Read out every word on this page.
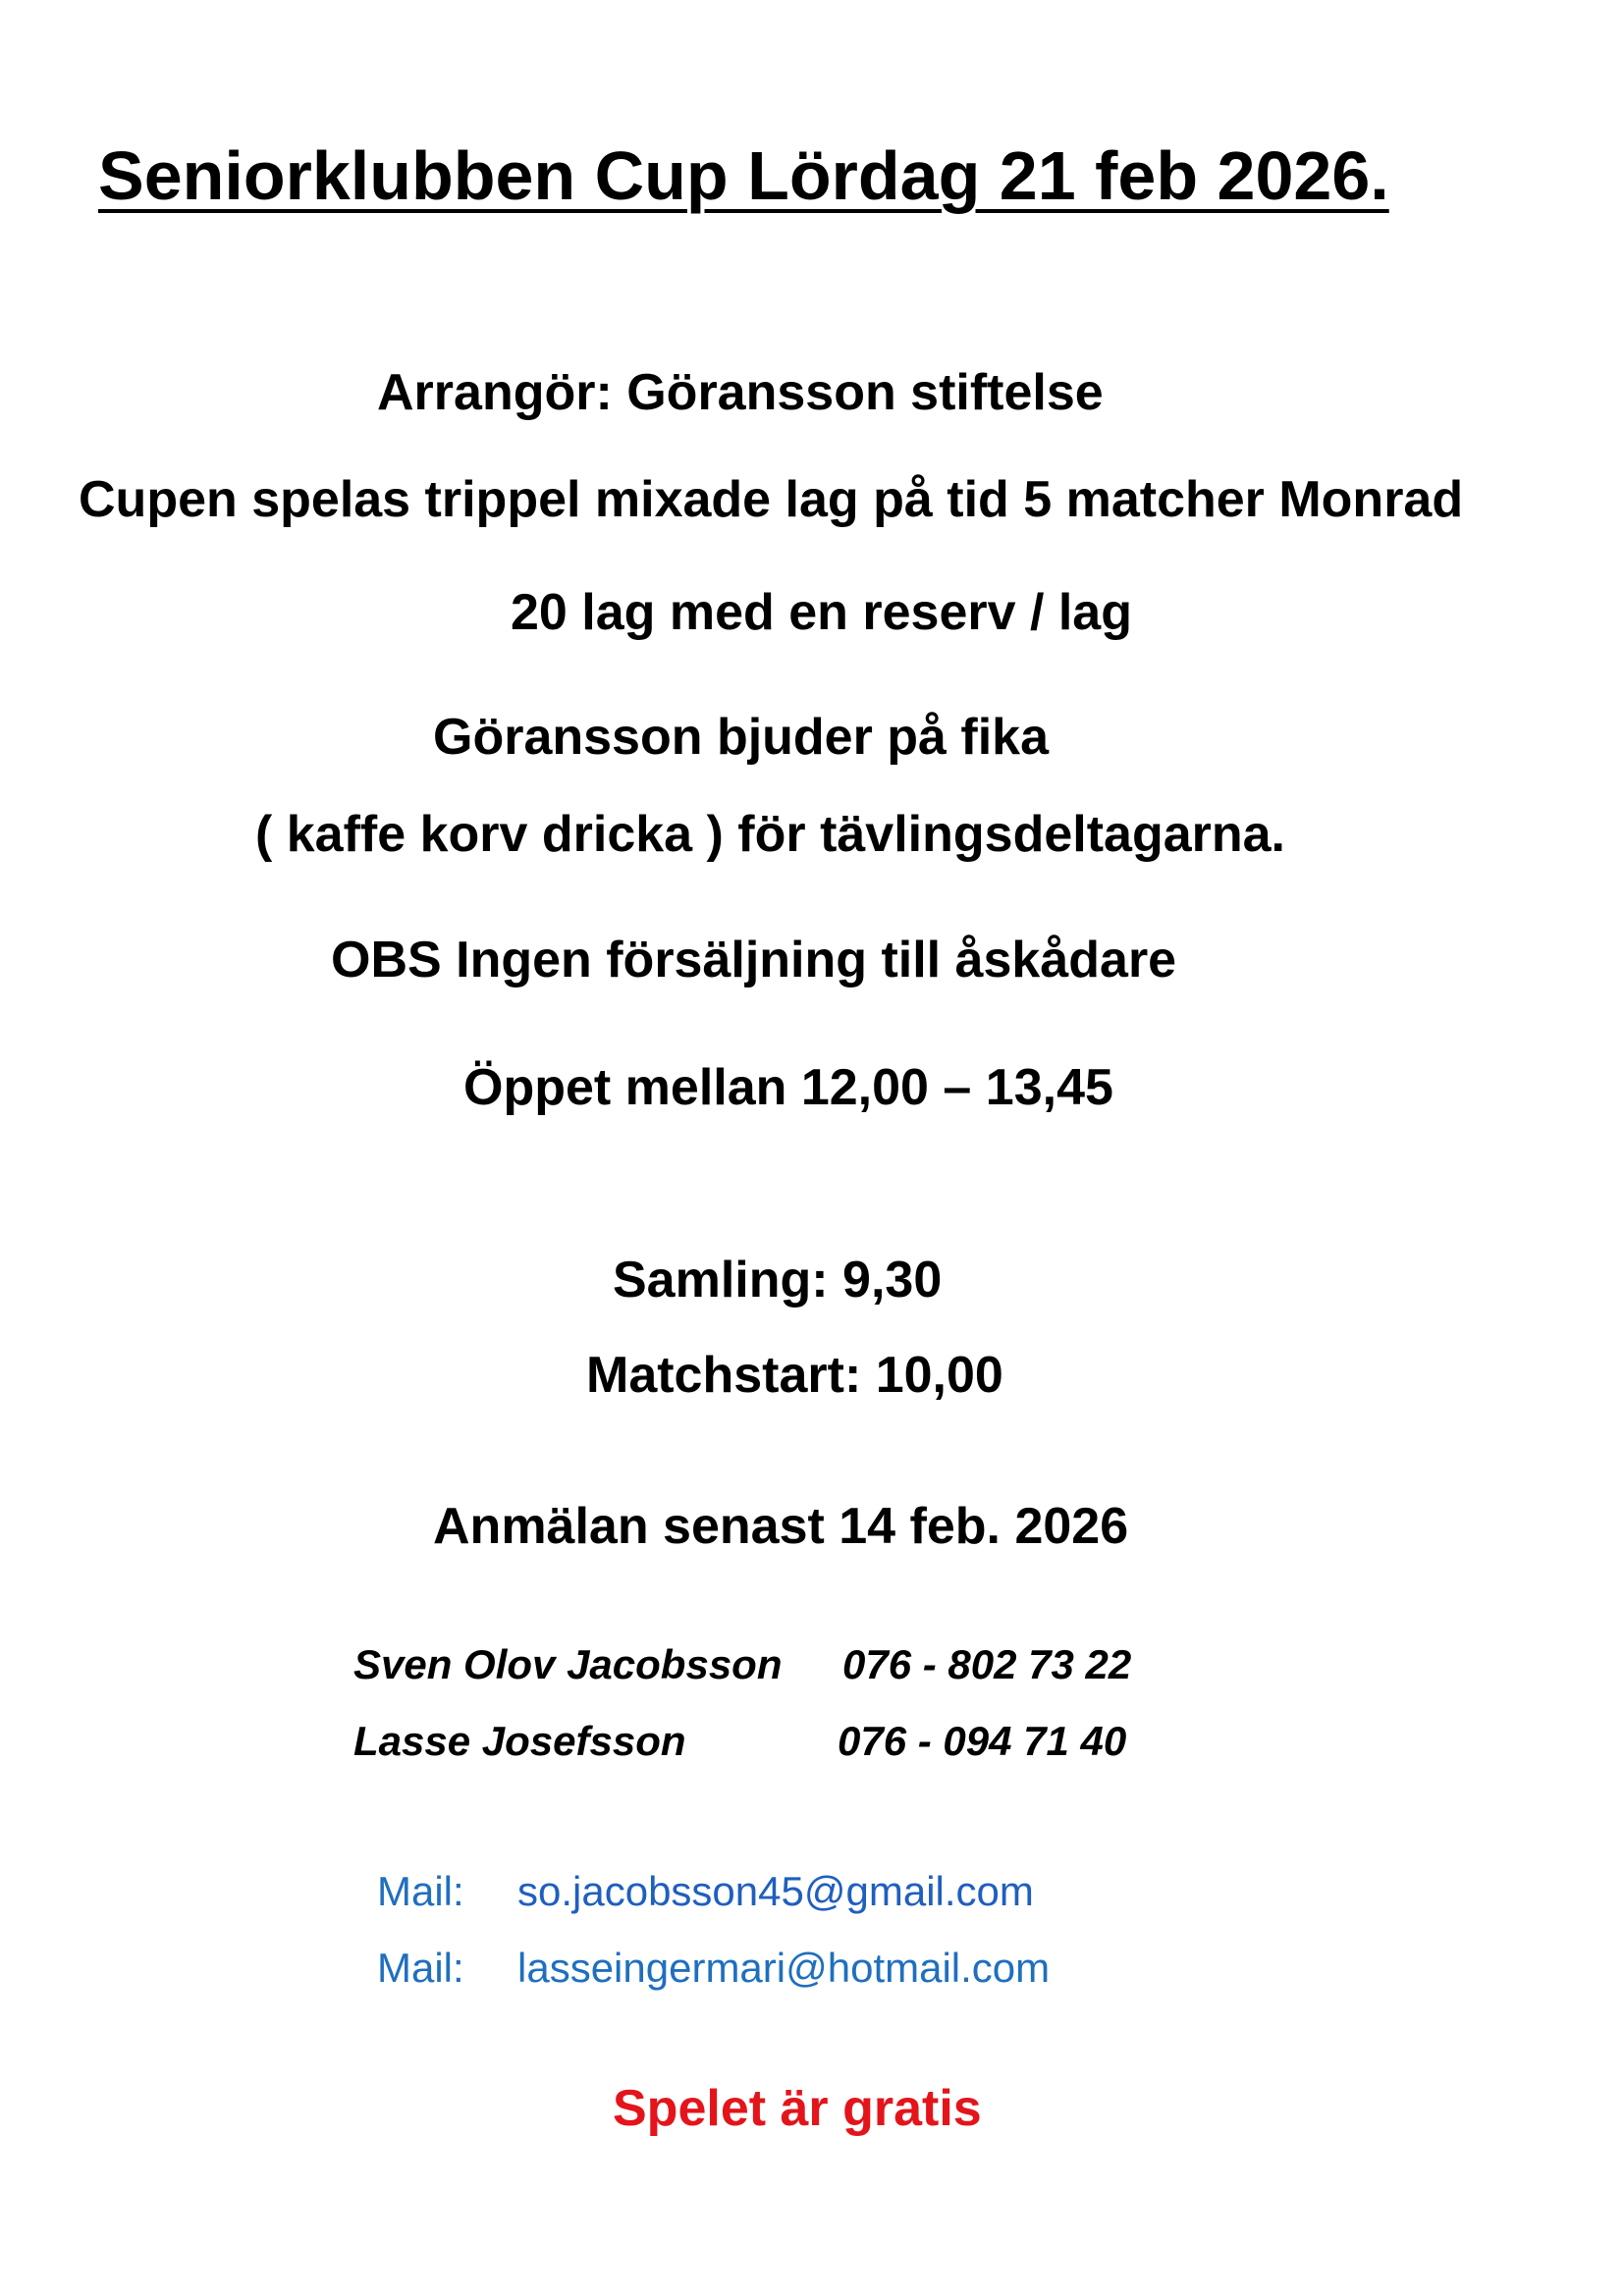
Seniorklubben Cup Lördag 21 feb 2026.
Arrangör: Göransson stiftelse
Cupen spelas trippel mixade lag på tid 5 matcher Monrad
20 lag med en reserv / lag
Göransson bjuder på fika
( kaffe korv dricka ) för tävlingsdeltagarna.
OBS Ingen försäljning till åskådare
Öppet mellan 12,00 – 13,45
Samling: 9,30
Matchstart: 10,00
Anmälan senast 14 feb. 2026
Sven Olov Jacobsson 076 - 802 73 22
Lasse Josefsson	076 - 094 71 40
Mail: so.jacobsson45@gmail.com
Mail: lasseingermari@hotmail.com
Spelet är gratis
